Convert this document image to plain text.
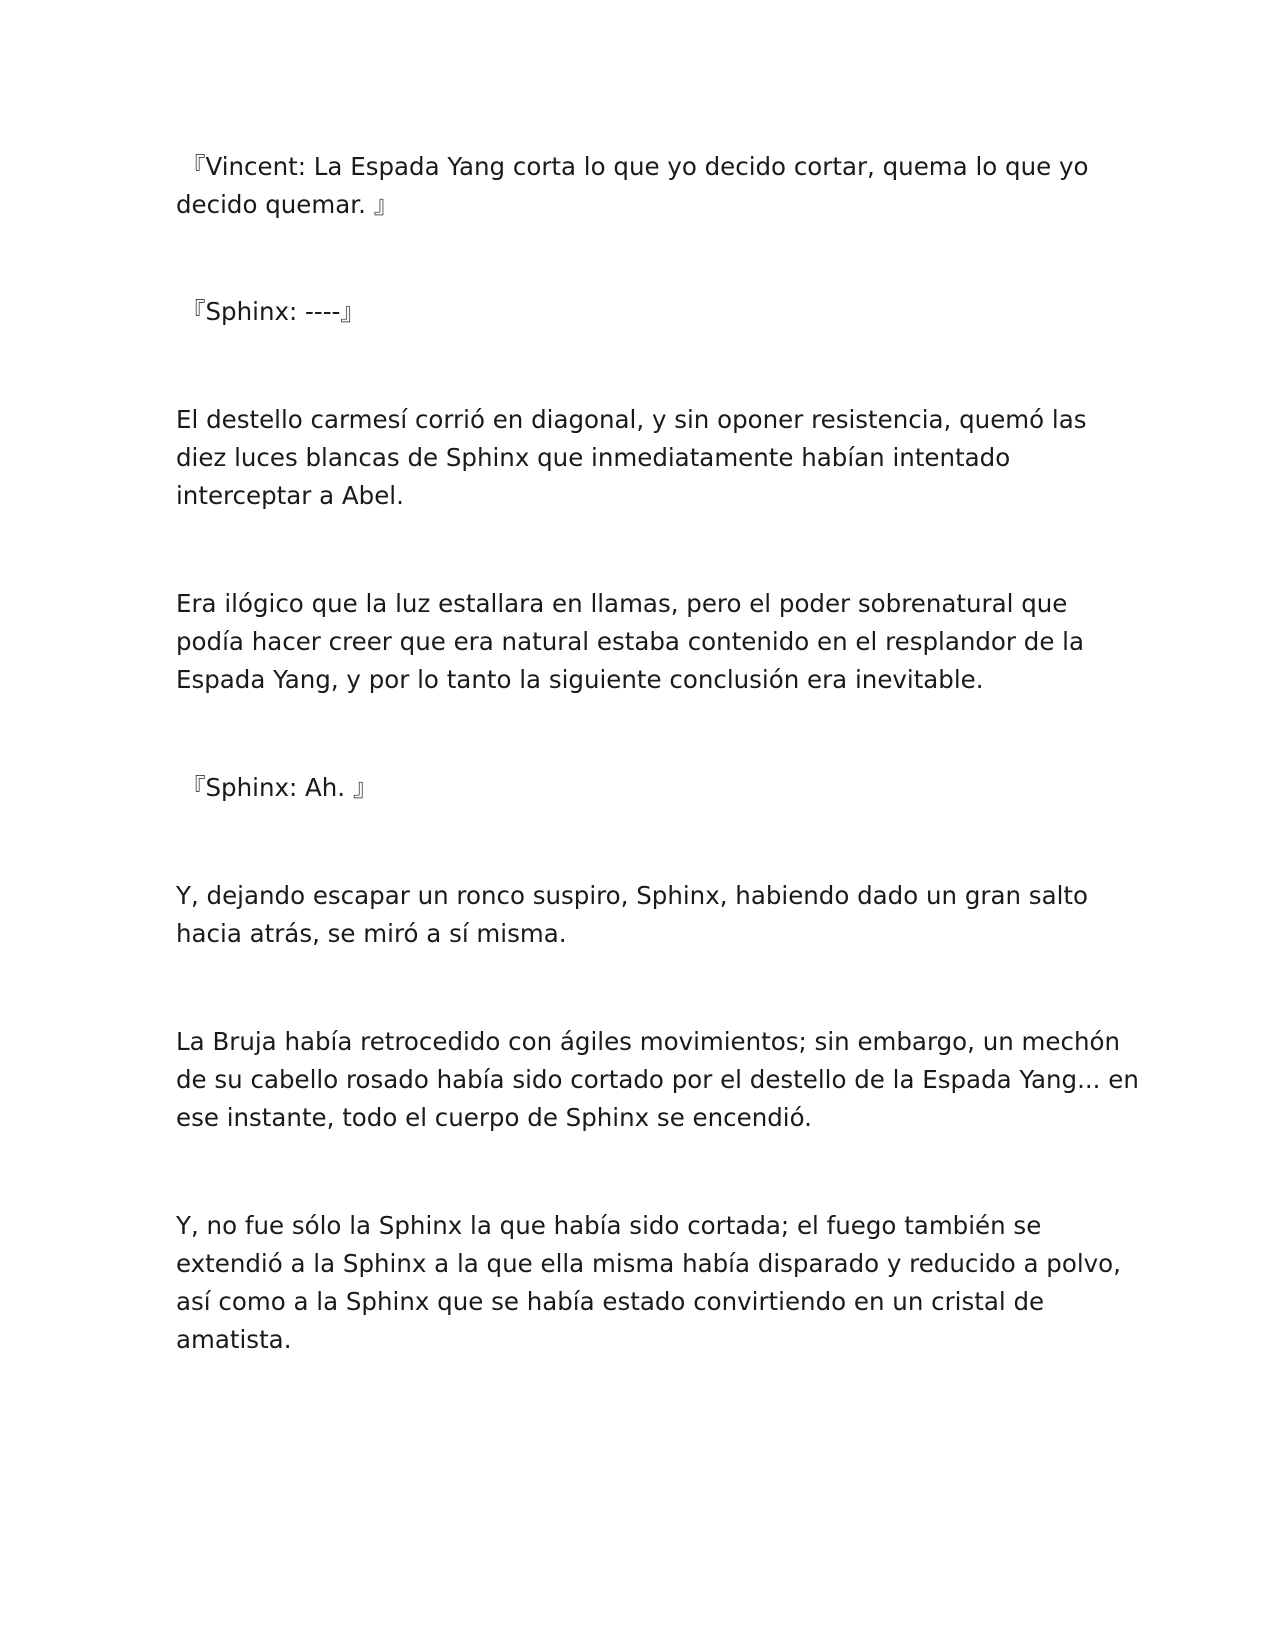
『Vincent: La Espada Yang corta lo que yo decido cortar, quema lo que yo

decido quemar. 』

『Sphinx: ----』

El destello carmesí corrió en diagonal, y sin oponer resistencia, quemó las

diez luces blancas de Sphinx que inmediatamente habían intentado

interceptar a Abel.

Era ilógico que la luz estallara en llamas, pero el poder sobrenatural que

podía hacer creer que era natural estaba contenido en el resplandor de la

Espada Yang, y por lo tanto la siguiente conclusión era inevitable.

『Sphinx: Ah. 』

Y, dejando escapar un ronco suspiro, Sphinx, habiendo dado un gran salto

hacia atrás, se miró a sí misma.

La Bruja había retrocedido con ágiles movimientos; sin embargo, un mechón

de su cabello rosado había sido cortado por el destello de la Espada Yang... en

ese instante, todo el cuerpo de Sphinx se encendió.

Y, no fue sólo la Sphinx la que había sido cortada; el fuego también se

extendió a la Sphinx a la que ella misma había disparado y reducido a polvo,

así como a la Sphinx que se había estado convirtiendo en un cristal de

amatista.
